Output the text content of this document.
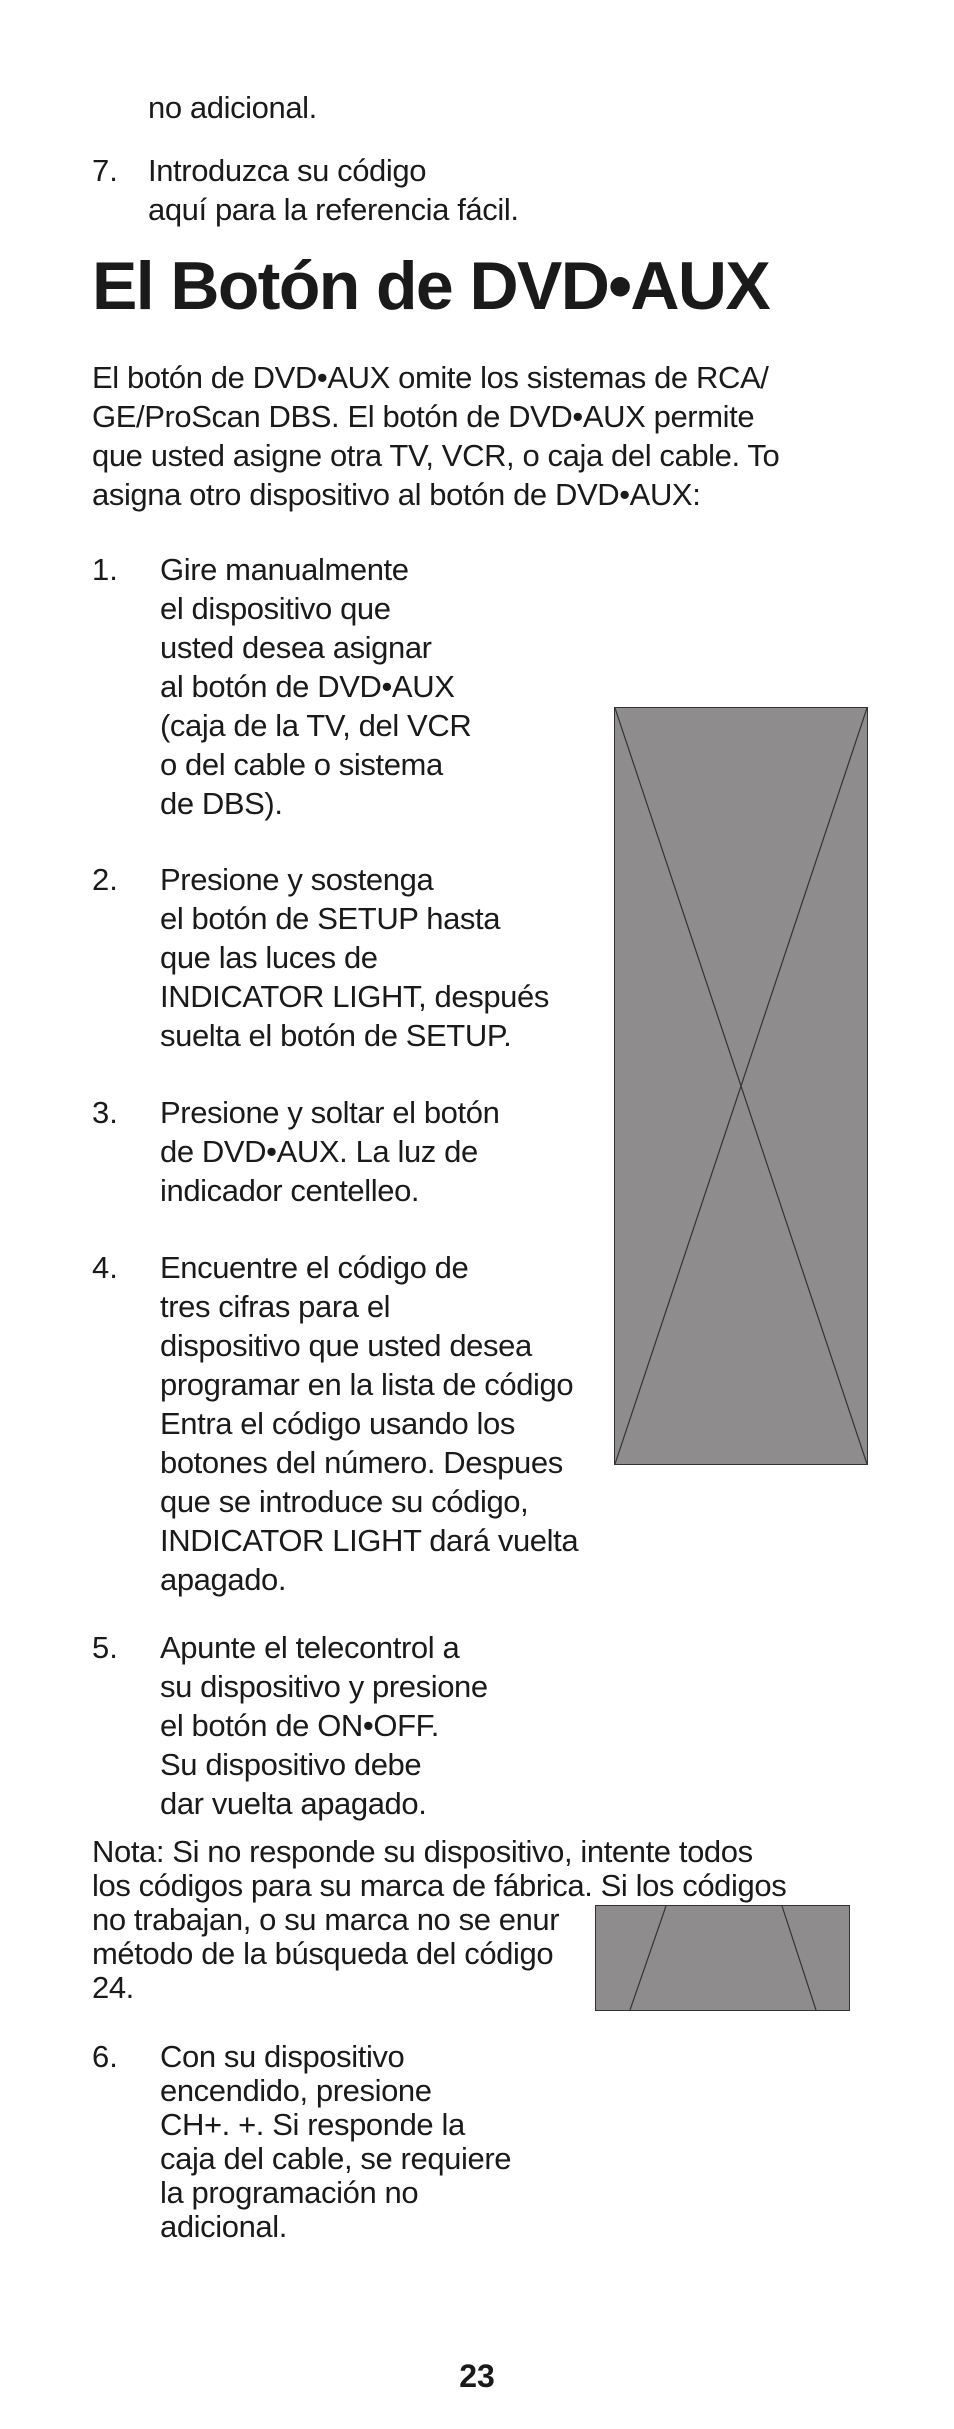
no adicional.
7. Introduzca su código
aquí para la referencia fácil.
El Botón de DVD•AUX
El botón de DVD•AUX omite los sistemas de RCA/
GE/ProScan DBS. El botón de DVD•AUX permite
que usted asigne otra TV, VCR, o caja del cable. To
asigna otro dispositivo al botón de DVD•AUX:
1. Gire manualmente
el dispositivo que
usted desea asignar
al botón de DVD•AUX
(caja de la TV, del VCR
o del cable o sistema
de DBS).
2. Presione y sostenga
el botón de SETUP hasta
que las luces de
INDICATOR LIGHT, después
suelta el botón de SETUP.
3. Presione y soltar el botón
de DVD•AUX. La luz de
indicador centelleo.
4. Encuentre el código de
tres cifras para el
dispositivo que usted desea
programar en la lista de código
Entra el código usando los
botones del número. Despues
que se introduce su código,
INDICATOR LIGHT dará vuelta
apagado.
5. Apunte el telecontrol a
su dispositivo y presione
el botón de ON•OFF.
Su dispositivo debe
dar vuelta apagado.
Nota: Si no responde su dispositivo, intente todos
los códigos para su marca de fábrica. Si los códigos
no trabajan, o su marca no se enur
método de la búsqueda del código
24.
6. Con su dispositivo
encendido, presione
CH+. +. Si responde la
caja del cable, se requiere
la programación no
adicional.
23
